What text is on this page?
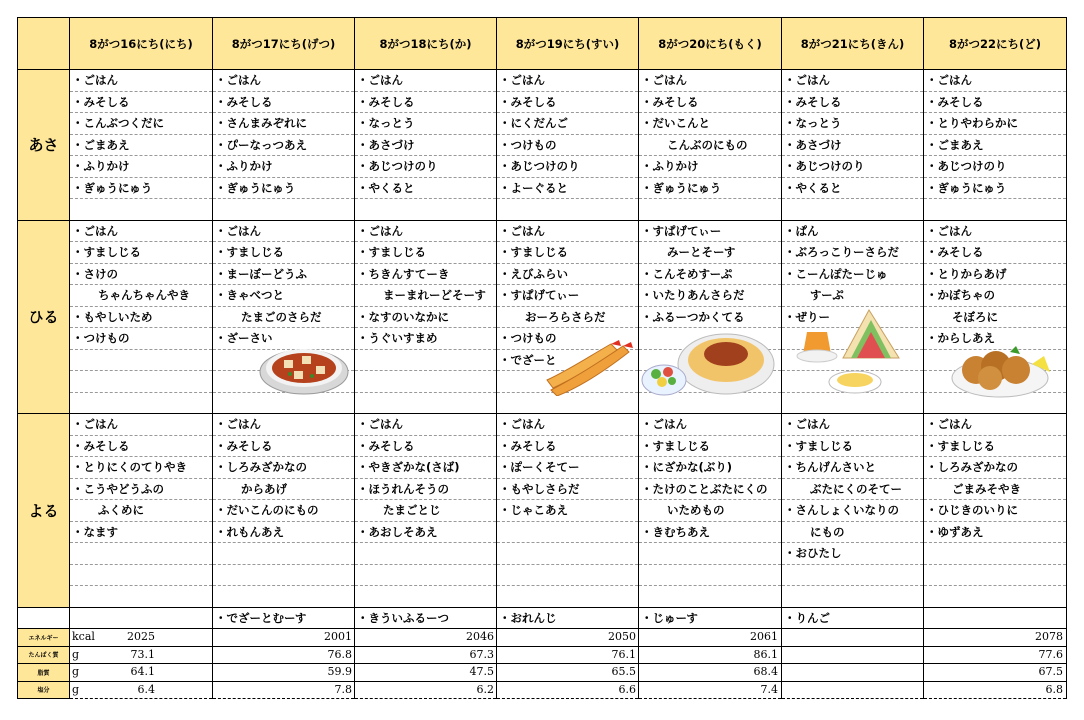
	8がつ16にち(にち)	8がつ17にち(げつ)	8がつ18にち(か)	8がつ19にち(すい)	8がつ20にち(もく)	8がつ21にち(きん)	8がつ22にち(ど)
あさ	・ごはん	・ごはん	・ごはん	・ごはん	・ごはん	・ごはん	・ごはん
	・みそしる	・みそしる	・みそしる	・みそしる	・みそしる	・みそしる	・みそしる
	・こんぶつくだに	・さんまみぞれに	・なっとう	・にくだんご	・だいこんと	・なっとう	・とりやわらかに
	・ごまあえ	・ぴーなっつあえ	・あさづけ	・つけもの	こんぶのにもの	・あさづけ	・ごまあえ
	・ふりかけ	・ふりかけ	・あじつけのり	・あじつけのり	・ふりかけ	・あじつけのり	・あじつけのり
	・ぎゅうにゅう	・ぎゅうにゅう	・やくると	・よーぐると	・ぎゅうにゅう	・やくると	・ぎゅうにゅう

ひる	・ごはん	・ごはん	・ごはん	・ごはん	・すぱげてぃー	・ぱん	・ごはん
	・すましじる	・すましじる	・すましじる	・すましじる	みーとそーす	・ぶろっこりーさらだ	・みそしる
	・さけの	・まーぼーどうふ	・ちきんすてーき	・えびふらい	・こんそめすーぷ	・こーんぽたーじゅ	・とりからあげ
	ちゃんちゃんやき	・きゃべつと	まーまれーどそーす	・すぱげてぃー	・いたりあんさらだ	すーぷ	・かぼちゃの
	・もやしいため	たまごのさらだ	・なすのいなかに	おーろらさらだ	・ふるーつかくてる	・ぜりー	そぼろに
	・つけもの	・ざーさい	・うぐいすまめ	・つけもの			・からしあえ
				・でざーと			

よる	・ごはん	・ごはん	・ごはん	・ごはん	・ごはん	・ごはん	・ごはん
	・みそしる	・みそしる	・みそしる	・みそしる	・すましじる	・すましじる	・すましじる
	・とりにくのてりやき	・しろみざかなの	・やきざかな(さば)	・ぽーくそてー	・にざかな(ぶり)	・ちんげんさいと	・しろみざかなの
	・こうやどうふの	からあげ	・ほうれんそうの	・もやしさらだ	・たけのことぶたにくの	ぶたにくのそてー	ごまみそやき
	ふくめに	・だいこんのにもの	たまごとじ	・じゃこあえ	いためもの	・さんしょくいなりの	・ひじきのいりに
	・なます	・れもんあえ	・あおしそあえ		・きむちあえ	にもの	・ゆずあえ
						・おひたし	

		・でざーとむーす	・きういふるーつ	・おれんじ	・じゅーす	・りんご	
エネルギー	kcal 2025	2001	2046	2050	2061		2078

たんぱく質	g 73.1	76.8	67.3	76.1	86.1		77.6

脂質	g 64.1	59.9	47.5	65.5	68.4		67.5

塩分	g 6.4	7.8	6.2	6.6	7.4		6.8
